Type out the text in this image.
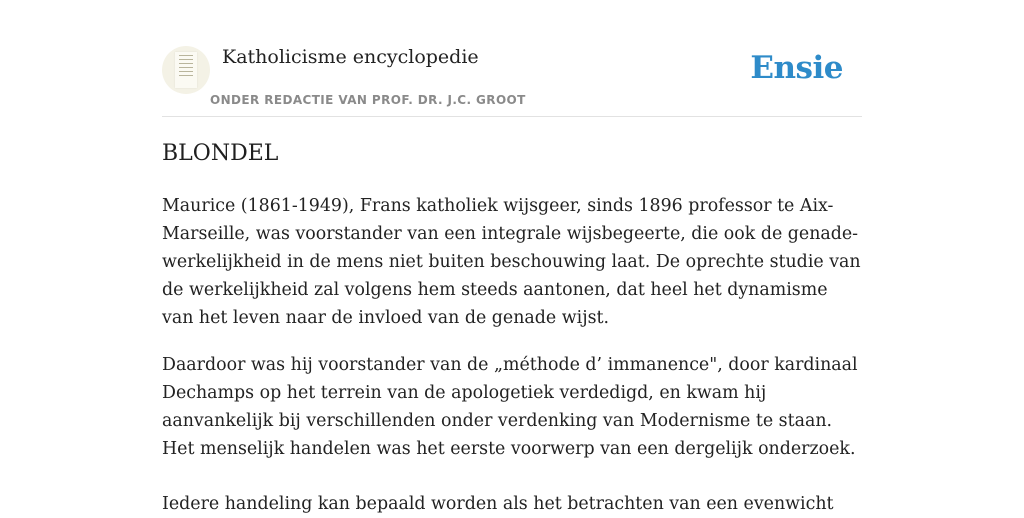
Katholicisme encyclopedie
ONDER REDACTIE VAN PROF. DR. J.C. GROOT
Ensie
BLONDEL

Maurice (1861-1949), Frans katholiek wijsgeer, sinds 1896 professor te Aix-Marseille, was voorstander van een integrale wijsbegeerte, die ook de genade-werkelijkheid in de mens niet buiten beschouwing laat. De oprechte studie van de werkelijkheid zal volgens hem steeds aantonen, dat heel het dynamisme van het leven naar de invloed van de genade wijst.

Daardoor was hij voorstander van de „méthode d’ immanence", door kardinaal Dechamps op het terrein van de apologetiek verdedigd, en kwam hij aanvankelijk bij verschillenden onder verdenking van Modernisme te staan. Het menselijk handelen was het eerste voorwerp van een dergelijk onderzoek.

Iedere handeling kan bepaald worden als het betrachten van een evenwicht
